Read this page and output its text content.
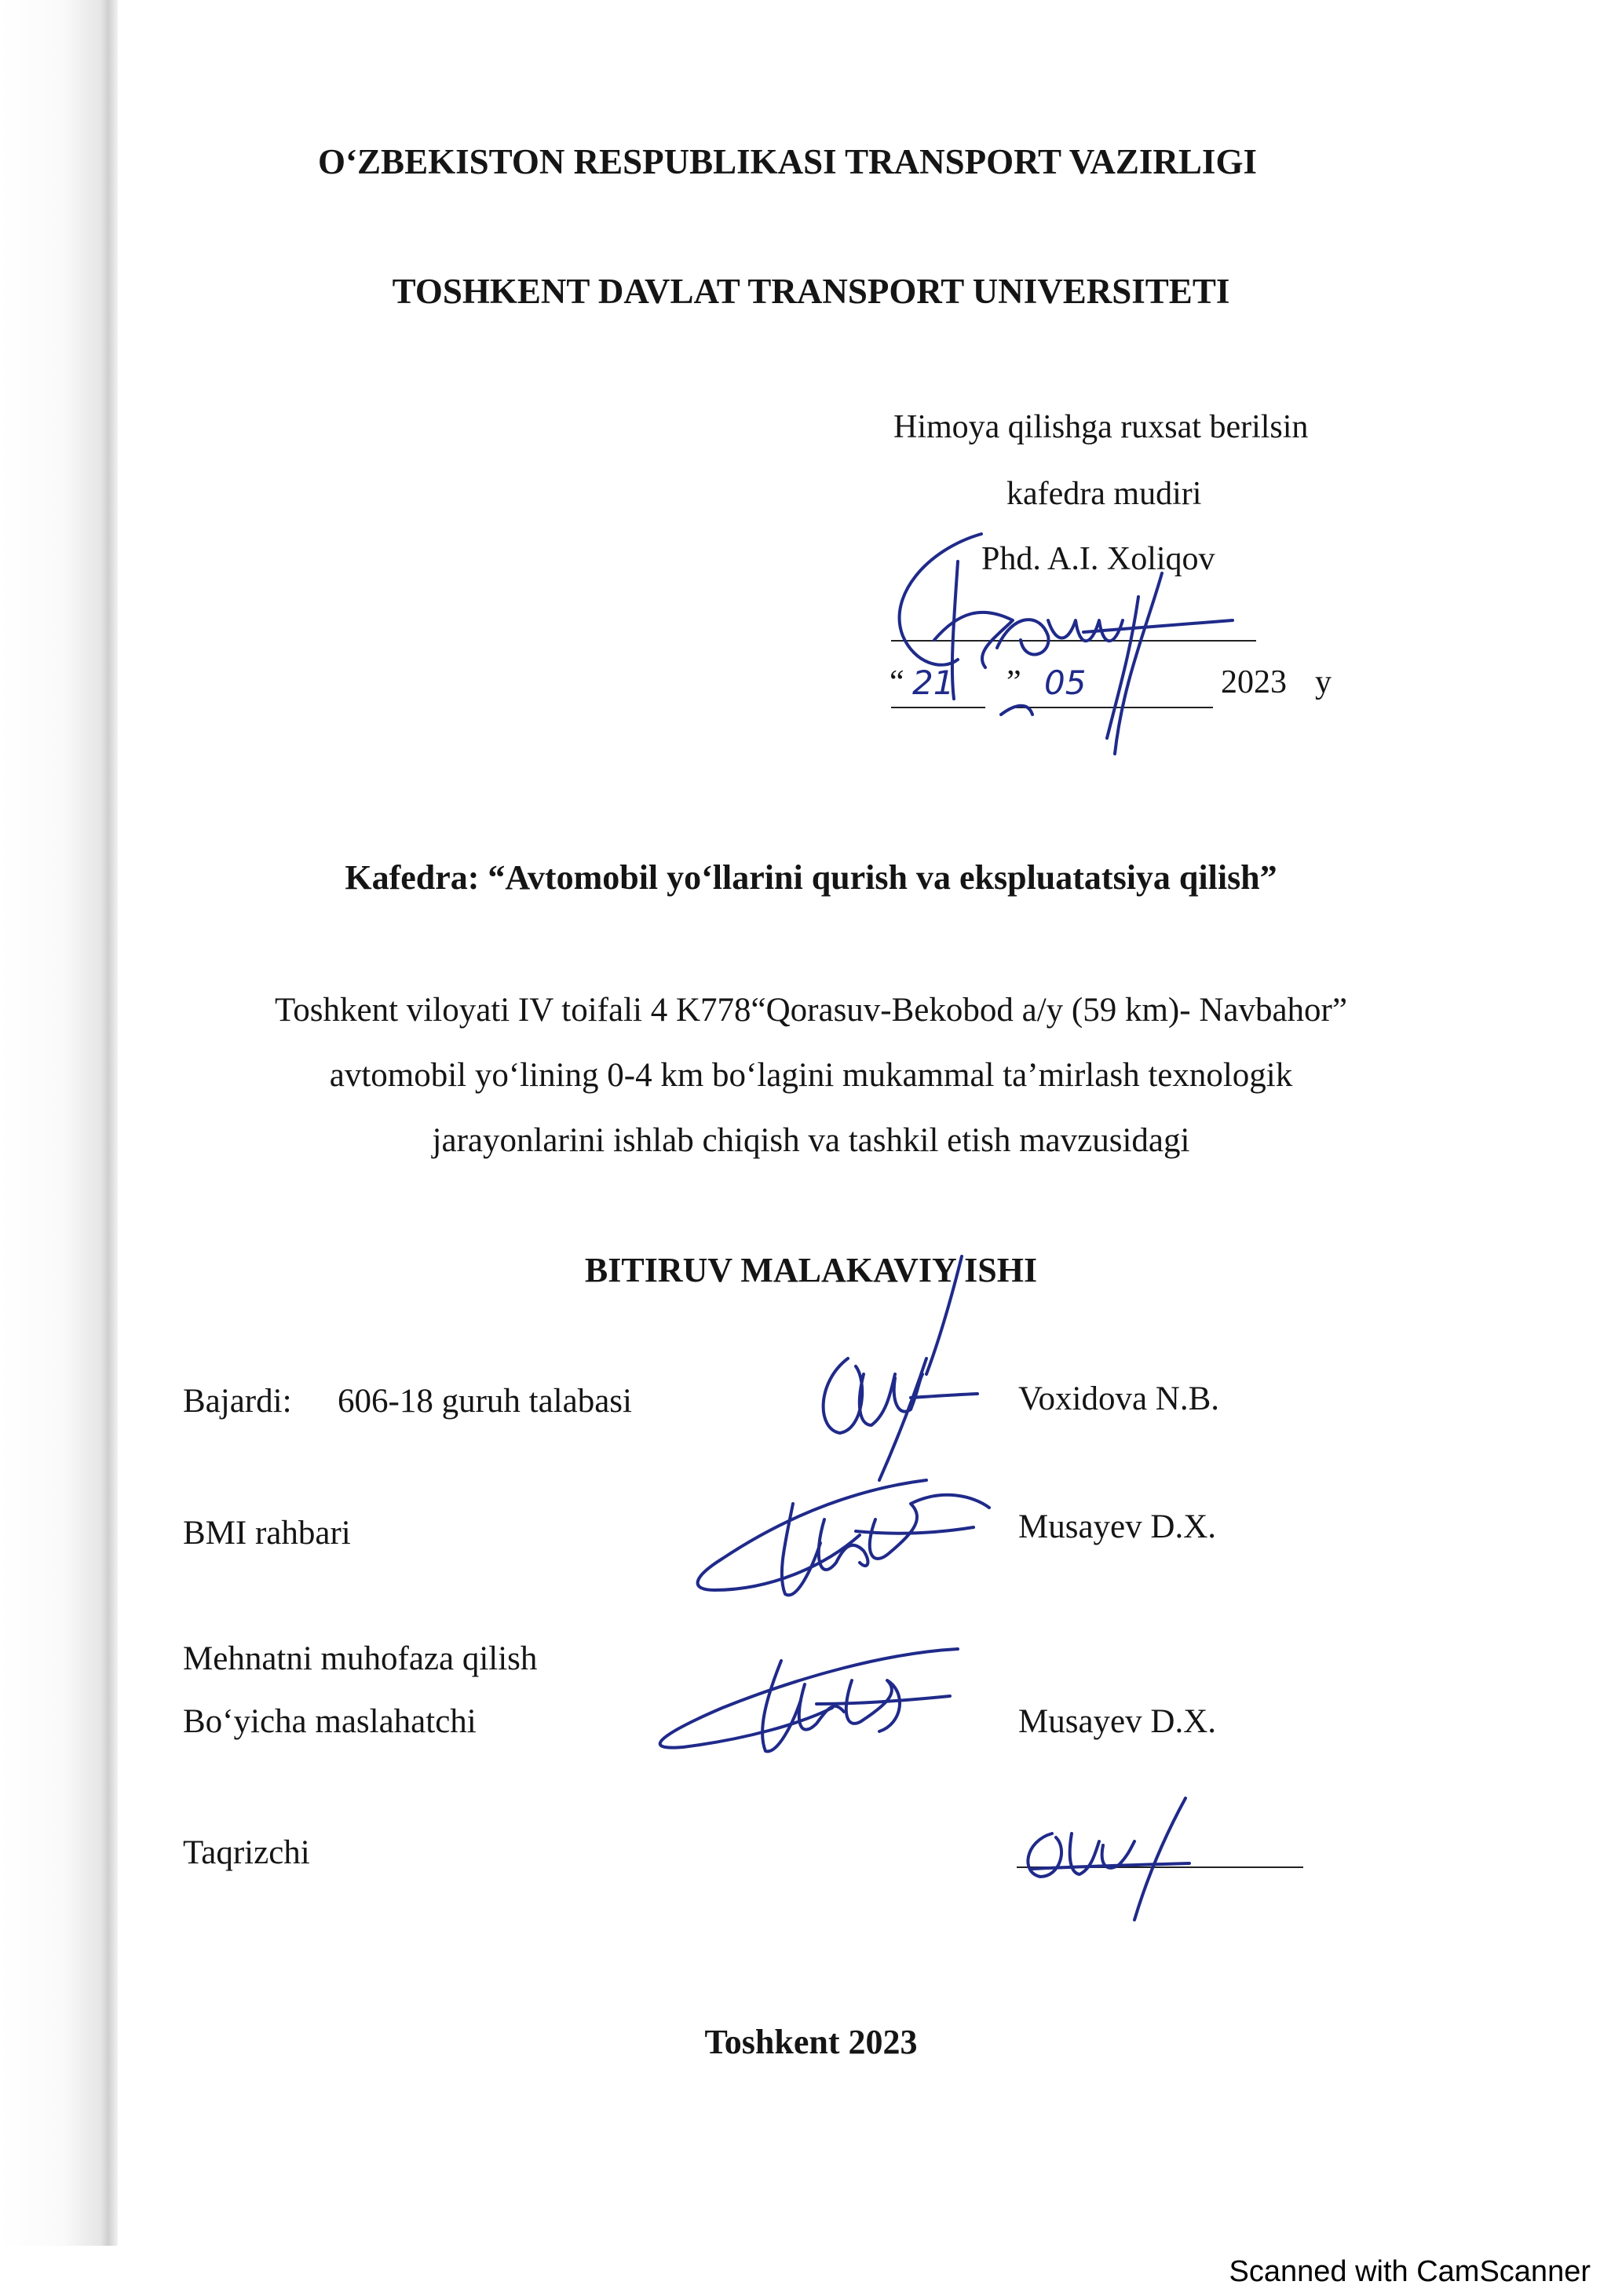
O‘ZBEKISTON RESPUBLIKASI TRANSPORT VAZIRLIGI
TOSHKENT DAVLAT TRANSPORT UNIVERSITETI
Himoya qilishga ruxsat berilsin
kafedra mudiri
Phd. A.I. Xoliqov
“ 21 ” 05	2023 y
Kafedra: “Avtomobil yo‘llarini qurish va ekspluatatsiya qilish”
Toshkent viloyati IV toifali 4 K778“Qorasuv-Bekobod a/y (59 km)- Navbahor”
avtomobil yo‘lining 0-4 km bo‘lagini mukammal ta’mirlash texnologik
jarayonlarini ishlab chiqish va tashkil etish mavzusidagi
BITIRUV MALAKAVIY ISHI
Bajardi: 606-18 guruh talabasi	Voxidova N.B.
BMI rahbari	Musayev D.X.
Mehnatni muhofaza qilish
Bo‘yicha maslahatchi	Musayev D.X.
Taqrizchi
Toshkent 2023
Scanned with CamScanner
